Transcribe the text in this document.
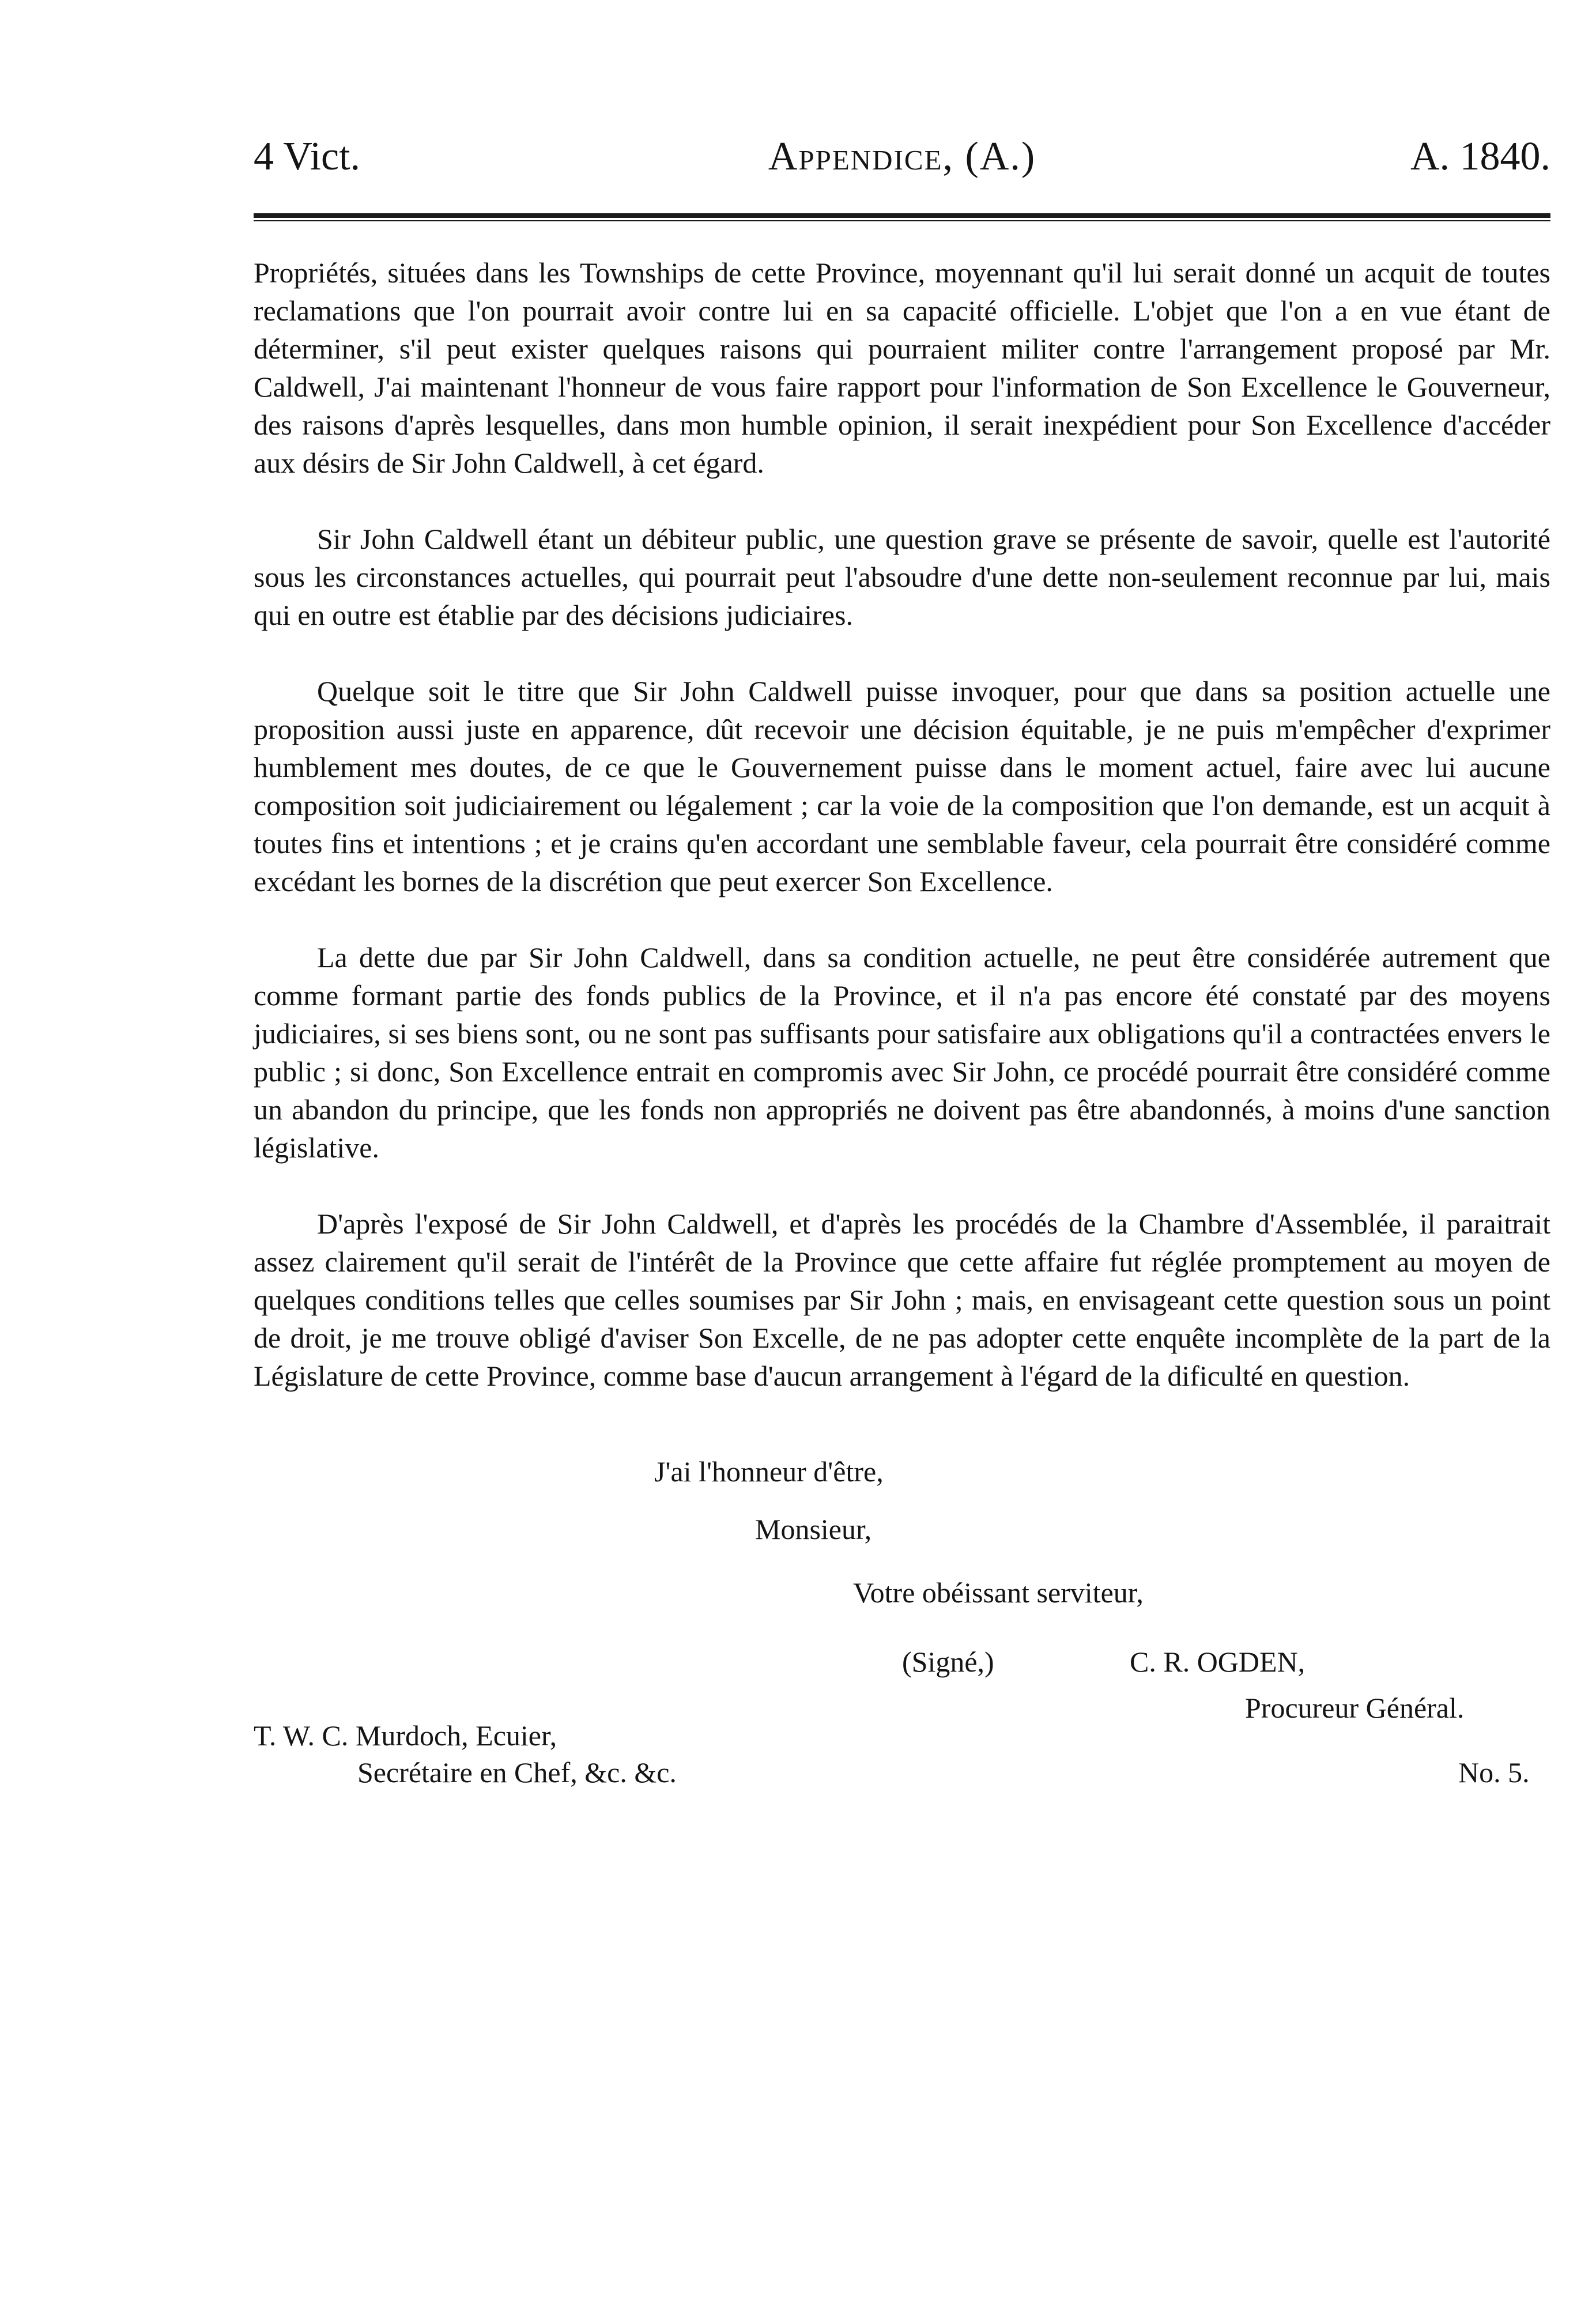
4 Vict.	Appendice, (A.)	A. 1840.

Propriétés, situées dans les Townships de cette Province, moyennant qu'il lui serait donné un acquit de toutes reclamations que l'on pourrait avoir contre lui en sa capacité officielle. L'objet que l'on a en vue étant de déterminer, s'il peut exister quelques raisons qui pourraient militer contre l'arrangement proposé par Mr. Caldwell, J'ai maintenant l'honneur de vous faire rapport pour l'information de Son Excellence le Gouverneur, des raisons d'après lesquelles, dans mon humble opinion, il serait inexpédient pour Son Excellence d'accéder aux désirs de Sir John Caldwell, à cet égard.

Sir John Caldwell étant un débiteur public, une question grave se présente de savoir, quelle est l'autorité sous les circonstances actuelles, qui pourrait peut l'absoudre d'une dette non-seulement reconnue par lui, mais qui en outre est établie par des décisions judiciaires.

Quelque soit le titre que Sir John Caldwell puisse invoquer, pour que dans sa position actuelle une proposition aussi juste en apparence, dût recevoir une décision équitable, je ne puis m'empêcher d'exprimer humblement mes doutes, de ce que le Gouvernement puisse dans le moment actuel, faire avec lui aucune composition soit judiciairement ou légalement ; car la voie de la composition que l'on demande, est un acquit à toutes fins et intentions ; et je crains qu'en accordant une semblable faveur, cela pourrait être considéré comme excédant les bornes de la discrétion que peut exercer Son Excellence.

La dette due par Sir John Caldwell, dans sa condition actuelle, ne peut être considérée autrement que comme formant partie des fonds publics de la Province, et il n'a pas encore été constaté par des moyens judiciaires, si ses biens sont, ou ne sont pas suffisants pour satisfaire aux obligations qu'il a contractées envers le public ; si donc, Son Excellence entrait en compromis avec Sir John, ce procédé pourrait être considéré comme un abandon du principe, que les fonds non appropriés ne doivent pas être abandonnés, à moins d'une sanction législative.

D'après l'exposé de Sir John Caldwell, et d'après les procédés de la Chambre d'Assemblée, il paraitrait assez clairement qu'il serait de l'intérêt de la Province que cette affaire fut réglée promptement au moyen de quelques conditions telles que celles soumises par Sir John ; mais, en envisageant cette question sous un point de droit, je me trouve obligé d'aviser Son Excelle, de ne pas adopter cette enquête incomplète de la part de la Législature de cette Province, comme base d'aucun arrangement à l'égard de la dificulté en question.

J'ai l'honneur d'être,
Monsieur,
Votre obéissant serviteur,
(Signé,)	C. R. OGDEN,
Procureur Général.
T. W. C. Murdoch, Ecuier,
Secrétaire en Chef, &c. &c.	No. 5.
